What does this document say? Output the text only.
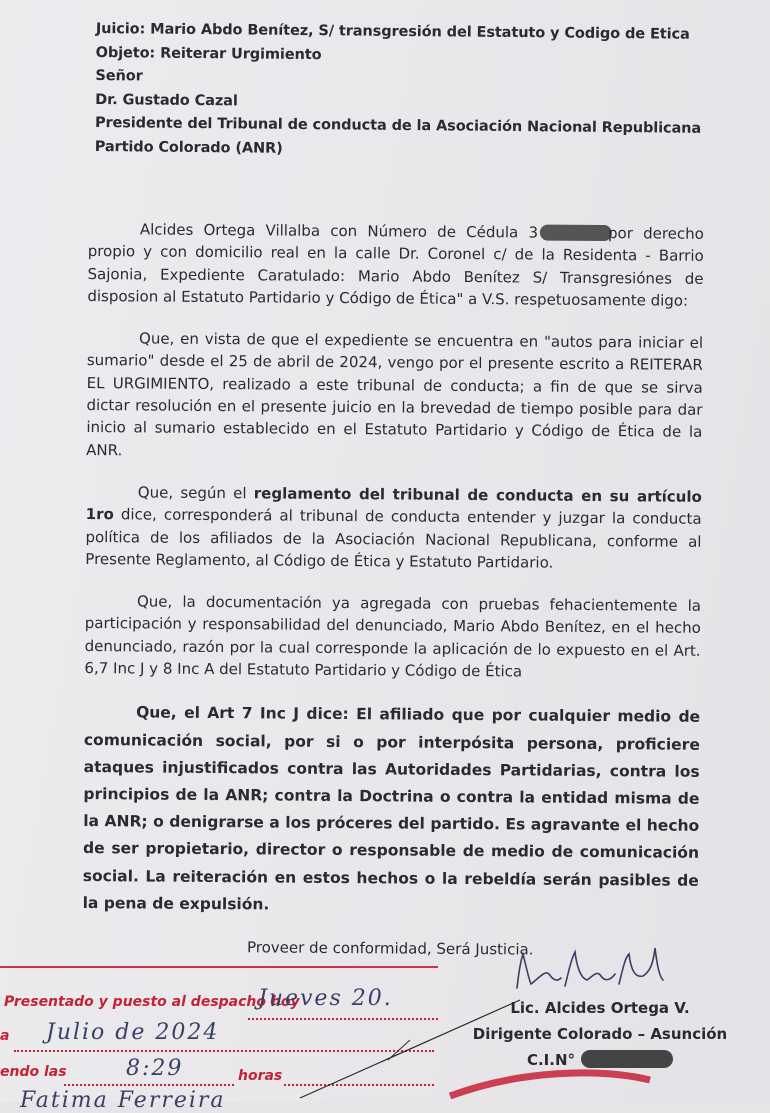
Juicio: Mario Abdo Benítez, S/ transgresión del Estatuto y Codigo de Etica
Objeto: Reiterar Urgimiento
Señor
Dr. Gustado Cazal
Presidente del Tribunal de conducta de la Asociación Nacional Republicana
Partido Colorado (ANR)

Alcides Ortega Villalba con Número de Cédula 3	por derecho propio y con domicilio real en la calle Dr. Coronel c/ de la Residenta - Barrio Sajonia, Expediente Caratulado: Mario Abdo Benítez S/ Transgresiónes de disposion al Estatuto Partidario y Código de Ética" a V.S. respetuosamente digo:

Que, en vista de que el expediente se encuentra en "autos para iniciar el sumario" desde el 25 de abril de 2024, vengo por el presente escrito a REITERAR EL URGIMIENTO, realizado a este tribunal de conducta; a fin de que se sirva dictar resolución en el presente juicio en la brevedad de tiempo posible para dar inicio al sumario establecido en el Estatuto Partidario y Código de Ética de la ANR.

Que, según el reglamento del tribunal de conducta en su artículo 1ro dice, corresponderá al tribunal de conducta entender y juzgar la conducta política de los afiliados de la Asociación Nacional Republicana, conforme al Presente Reglamento, al Código de Ética y Estatuto Partidario.

Que, la documentación ya agregada con pruebas fehacientemente la participación y responsabilidad del denunciado, Mario Abdo Benítez, en el hecho denunciado, razón por la cual corresponde la aplicación de lo expuesto en el Art. 6,7 Inc J y 8 Inc A del Estatuto Partidario y Código de Ética

Que, el Art 7 Inc J dice: El afiliado que por cualquier medio de comunicación social, por si o por interpósita persona, proficiere ataques injustificados contra las Autoridades Partidarias, contra los principios de la ANR; contra la Doctrina o contra la entidad misma de la ANR; o denigrarse a los próceres del partido. Es agravante el hecho de ser propietario, director o responsable de medio de comunicación social. La reiteración en estos hechos o la rebeldía serán pasibles de la pena de expulsión.

Proveer de conformidad, Será Justicia.
Lic. Alcides Ortega V.
Dirigente Colorado – Asunción
C.I.N°
Presentado y puesto al despacho hoy
Jueves 20.
a Julio de 2024
endo las	8:29	horas
Fatima Ferreira
